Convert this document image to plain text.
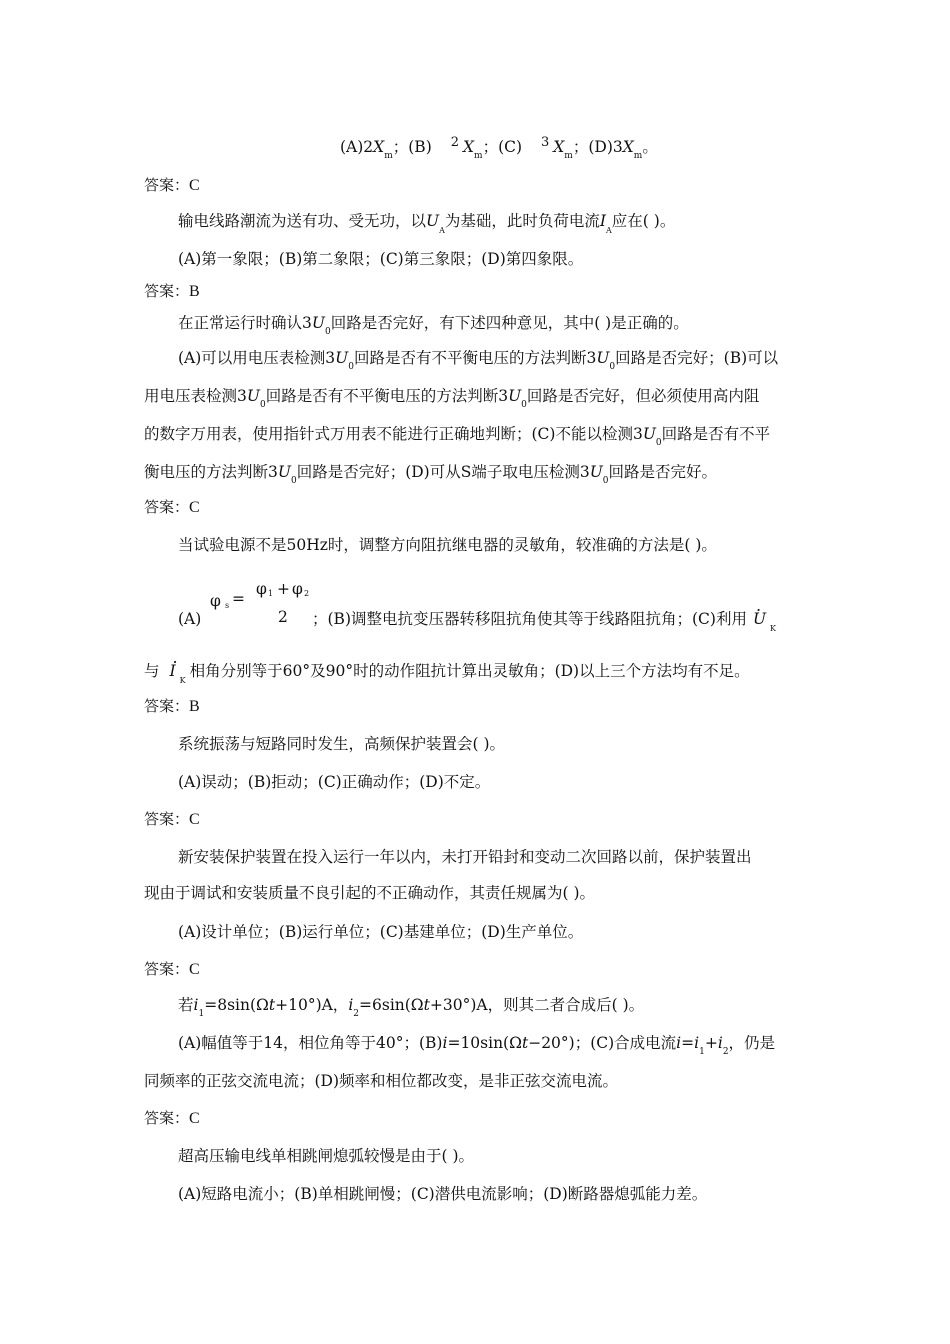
$(A)2X_m$；(B) $^2$ $X_m$；(C) $^3$ $X_m$；$(D)3X_m$。
答案：C
输电线路潮流为送有功、受无功，以$U_A$为基础，此时负荷电流$I_A$应在( )。
(A)第一象限；(B)第二象限；(C)第三象限；(D)第四象限。
答案：B
在正常运行时确认$3U_0$回路是否完好，有下述四种意见，其中( )是正确的。
(A)可以用电压表检测$3U_0$回路是否有不平衡电压的方法判断$3U_0$回路是否完好；(B)可以
用电压表检测$3U_0$回路是否有不平衡电压的方法判断$3U_0$回路是否完好，但必须使用高内阻
的数字万用表，使用指针式万用表不能进行正确地判断；(C)不能以检测$3U_0$回路是否有不平
衡电压的方法判断$3U_0$回路是否完好；(D)可从S端子取电压检测$3U_0$回路是否完好。
答案：C
当试验电源不是50Hz时，调整方向阻抗继电器的灵敏角，较准确的方法是( )。
(A)
φ s =
φ 1 + φ 2
2 ；(B)调整电抗变压器转移阻抗角使其等于线路阻抗角；(C)利用 . $U_K$
与 . $I_K$相角分别等于60°及90°时的动作阻抗计算出灵敏角；(D)以上三个方法均有不足。
答案：B
系统振荡与短路同时发生，高频保护装置会( )。
(A)误动；(B)拒动；(C)正确动作；(D)不定。
答案：C
新安装保护装置在投入运行一年以内，未打开铅封和变动二次回路以前，保护装置出
现由于调试和安装质量不良引起的不正确动作，其责任规属为( )。
(A)设计单位；(B)运行单位；(C)基建单位；(D)生产单位。
答案：C
若$i_1=8\sin(\Omega t+10^\circ)A$，$i_2=6\sin(\Omega t+30^\circ)A$，则其二者合成后( )。
(A)幅值等于14，相位角等于40°；(B)i=10sin(Ωt−20°)；(C)合成电流$i=i_1+i_2$，仍是
同频率的正弦交流电流；(D)频率和相位都改变，是非正弦交流电流。
答案：C
超高压输电线单相跳闸熄弧较慢是由于( )。
(A)短路电流小；(B)单相跳闸慢；(C)潜供电流影响；(D)断路器熄弧能力差。
